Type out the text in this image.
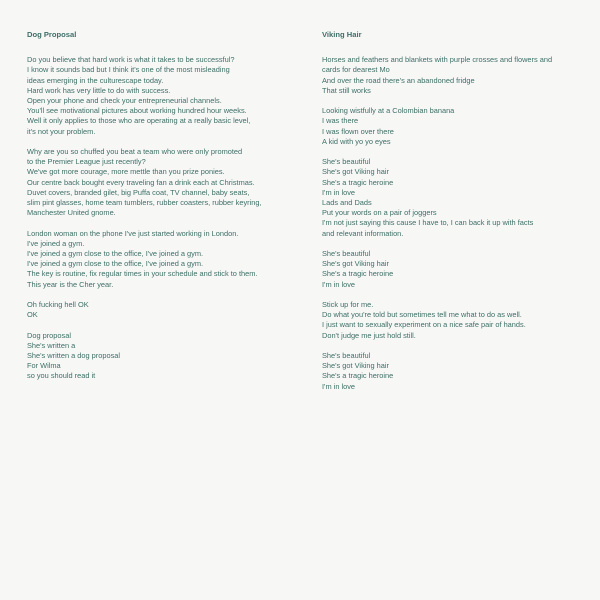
Dog Proposal
Do you believe that hard work is what it takes to be successful?
I know it sounds bad but I think it's one of the most misleading
ideas emerging in the culturescape today.
Hard work has very little to do with success.
Open your phone and check your entrepreneurial channels.
You'll see motivational pictures about working hundred hour weeks.
Well it only applies to those who are operating at a really basic level,
it's not your problem.
Why are you so chuffed you beat a team who were only promoted
to the Premier League just recently?
We've got more courage, more mettle than you prize ponies.
Our centre back bought every traveling fan a drink each at Christmas.
Duvet covers, branded gilet, big Puffa coat, TV channel, baby seats,
slim pint glasses, home team tumblers, rubber coasters, rubber keyring,
Manchester United gnome.
London woman on the phone I've just started working in London.
I've joined a gym.
I've joined a gym close to the office, I've joined a gym.
I've joined a gym close to the office, I've joined a gym.
The key is routine, fix regular times in your schedule and stick to them.
This year is the Cher year.
Oh fucking hell OK
OK
Dog proposal
She's written a
She's written a dog proposal
For Wilma
so you should read it
Viking Hair
Horses and feathers and blankets with purple crosses and flowers and
cards for dearest Mo
And over the road there's an abandoned fridge
That still works
Looking wistfully at a Colombian banana
I was there
I was flown over there
A kid with yo yo eyes
She's beautiful
She's got Viking hair
She's a tragic heroine
I'm in love
Lads and Dads
Put your words on a pair of joggers
I'm not just saying this cause I have to, I can back it up with facts
and relevant information.
She's beautiful
She's got Viking hair
She's a tragic heroine
I'm in love
Stick up for me.
Do what you're told but sometimes tell me what to do as well.
I just want to sexually experiment on a nice safe pair of hands.
Don't judge me just hold still.
She's beautiful
She's got Viking hair
She's a tragic heroine
I'm in love
